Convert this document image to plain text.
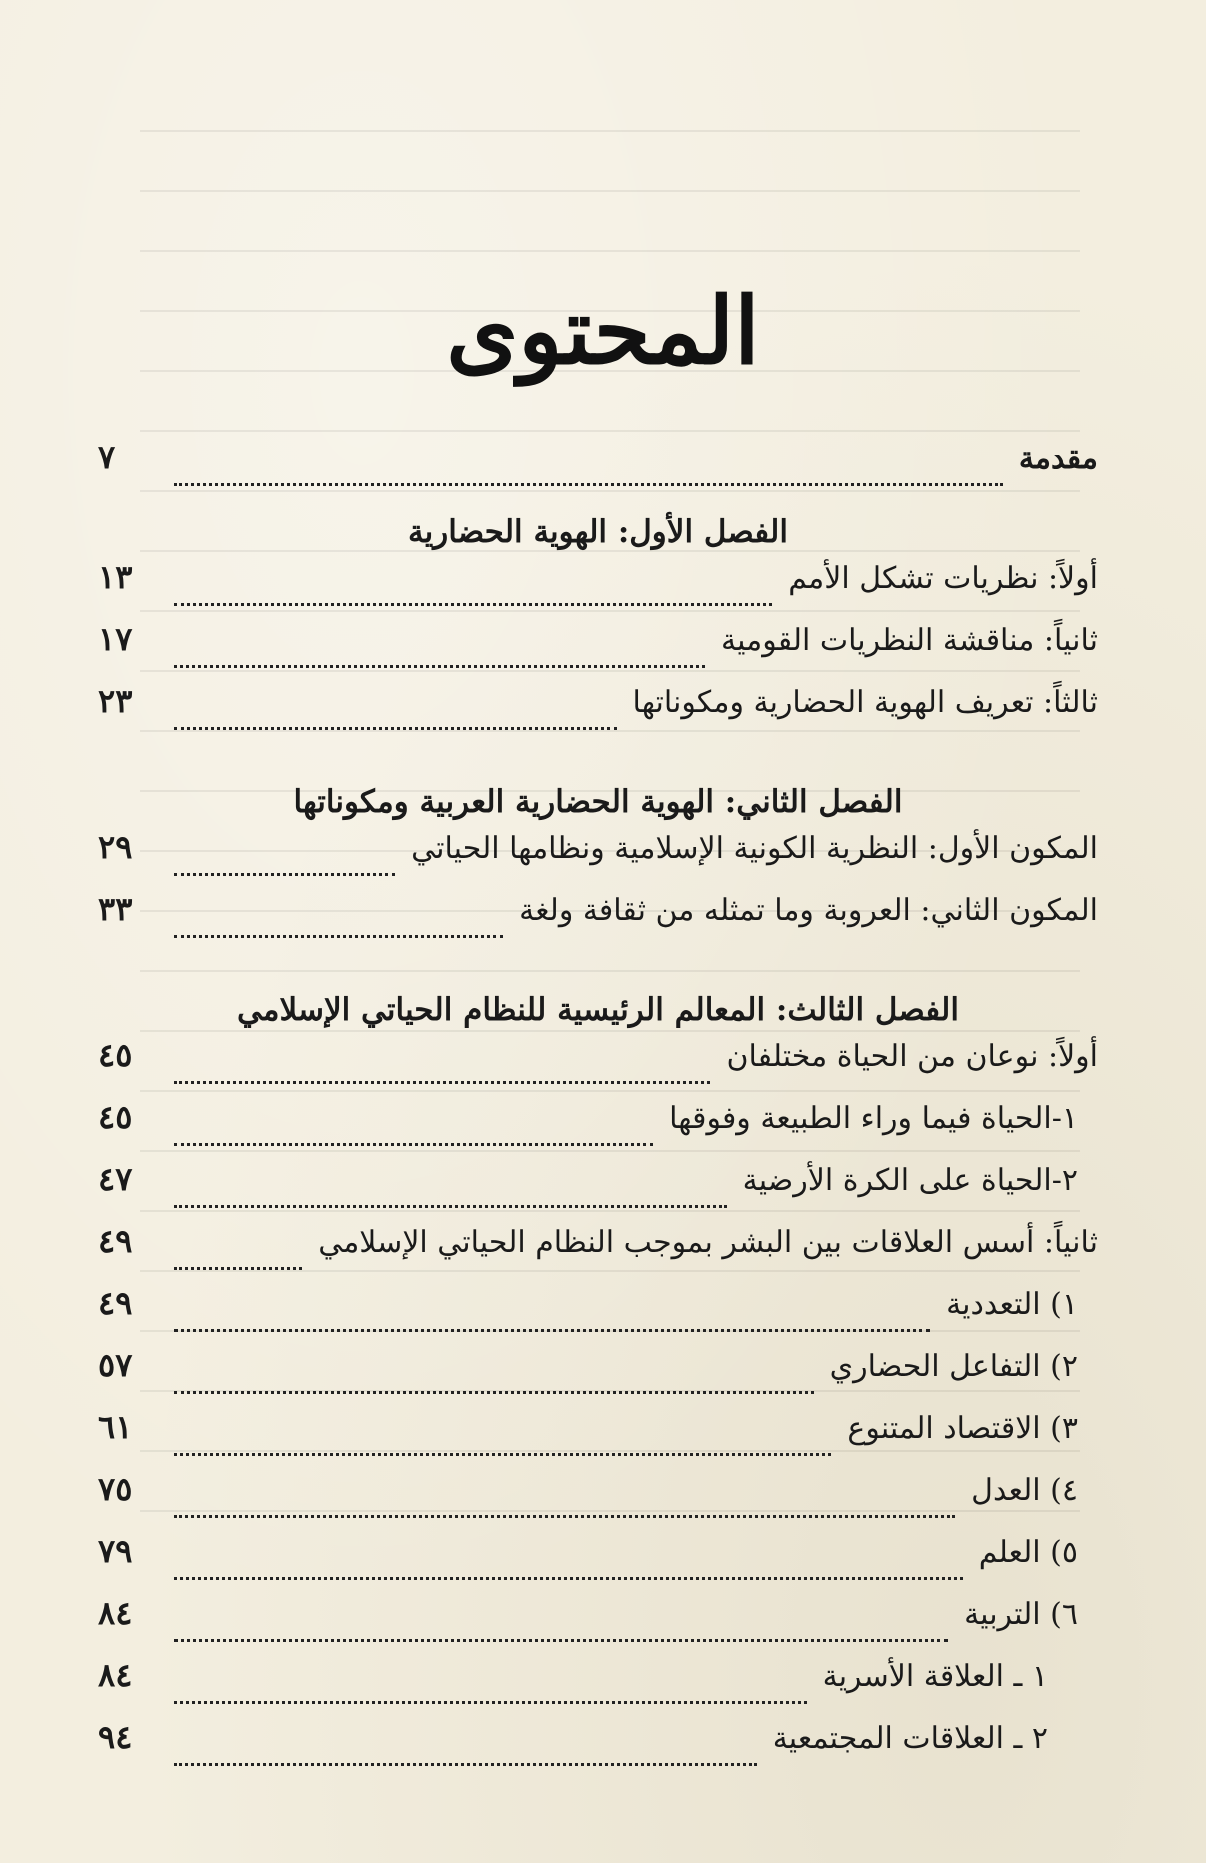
المحتوى
مقدمة
٧
الفصل الأول: الهوية الحضارية
أولاً: نظريات تشكل الأمم
١٣
ثانياً: مناقشة النظريات القومية
١٧
ثالثاً: تعريف الهوية الحضارية ومكوناتها
٢٣
الفصل الثاني: الهوية الحضارية العربية ومكوناتها
المكون الأول: النظرية الكونية الإسلامية ونظامها الحياتي
٢٩
المكون الثاني: العروبة وما تمثله من ثقافة ولغة
٣٣
الفصل الثالث: المعالم الرئيسية للنظام الحياتي الإسلامي
أولاً: نوعان من الحياة مختلفان
٤٥
١-الحياة فيما وراء الطبيعة وفوقها
٤٥
٢-الحياة على الكرة الأرضية
٤٧
ثانياً: أسس العلاقات بين البشر بموجب النظام الحياتي الإسلامي
٤٩
١) التعددية
٤٩
٢) التفاعل الحضاري
٥٧
٣) الاقتصاد المتنوع
٦١
٤) العدل
٧٥
٥) العلم
٧٩
٦) التربية
٨٤
١ ـ العلاقة الأسرية
٨٤
٢ ـ العلاقات المجتمعية
٩٤
